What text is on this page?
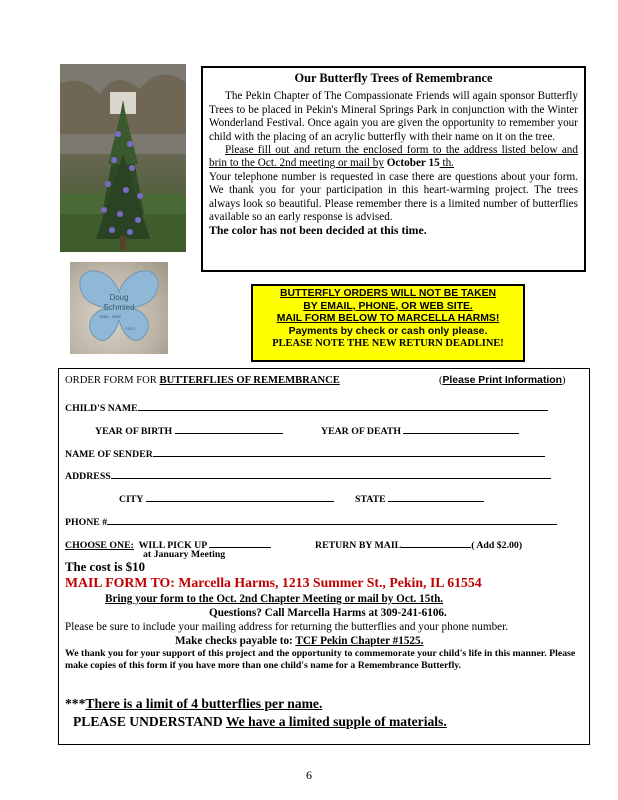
Doug
Schmied
1984 - 2005
2023
Our Butterfly Trees of Remembrance

The Pekin Chapter of The Compassionate Friends will again sponsor Butterfly Trees to be placed in Pekin's Mineral Springs Park in conjunction with the Winter Wonderland Festival. Once again you are given the opportunity to remember your child with the placing of an acrylic butterfly with their name on it on the tree.

Please fill out and return the enclosed form to the address listed below and brin to the Oct. 2nd meeting or mail by October 15 th.

Your telephone number is requested in case there are questions about your form. We thank you for your participation in this heart-warming project. The trees always look so beautiful. Please remember there is a limited number of butterflies available so an early response is advised.

The color has not been decided at this time.

BUTTERFLY ORDERS WILL NOT BE TAKEN
BY EMAIL, PHONE, OR WEB SITE.
MAIL FORM BELOW TO MARCELLA HARMS!
Payments by check or cash only please.
PLEASE NOTE THE NEW RETURN DEADLINE!
ORDER FORM FOR BUTTERFLIES OF REMEMBRANCE	(Please Print Information)
CHILD'S NAME
YEAR OF BIRTH	YEAR OF DEATH
NAME OF SENDER
ADDRESS
CITY	STATE
PHONE #
CHOOSE ONE: WILL PICK UP
at January Meeting
RETURN BY MAIL	( Add $2.00)
The cost is $10
MAIL FORM TO: Marcella Harms, 1213 Summer St., Pekin, IL 61554
Bring your form to the Oct. 2nd Chapter Meeting or mail by Oct. 15th.
Questions? Call Marcella Harms at 309-241-6106.
Please be sure to include your mailing address for returning the butterflies and your phone number.
Make checks payable to: TCF Pekin Chapter #1525.
We thank you for your support of this project and the opportunity to commemorate your child's life in this manner. Please make copies of this form if you have more than one child's name for a Remembrance Butterfly.
***There is a limit of 4 butterflies per name.
PLEASE UNDERSTAND We have a limited supple of materials.
6
